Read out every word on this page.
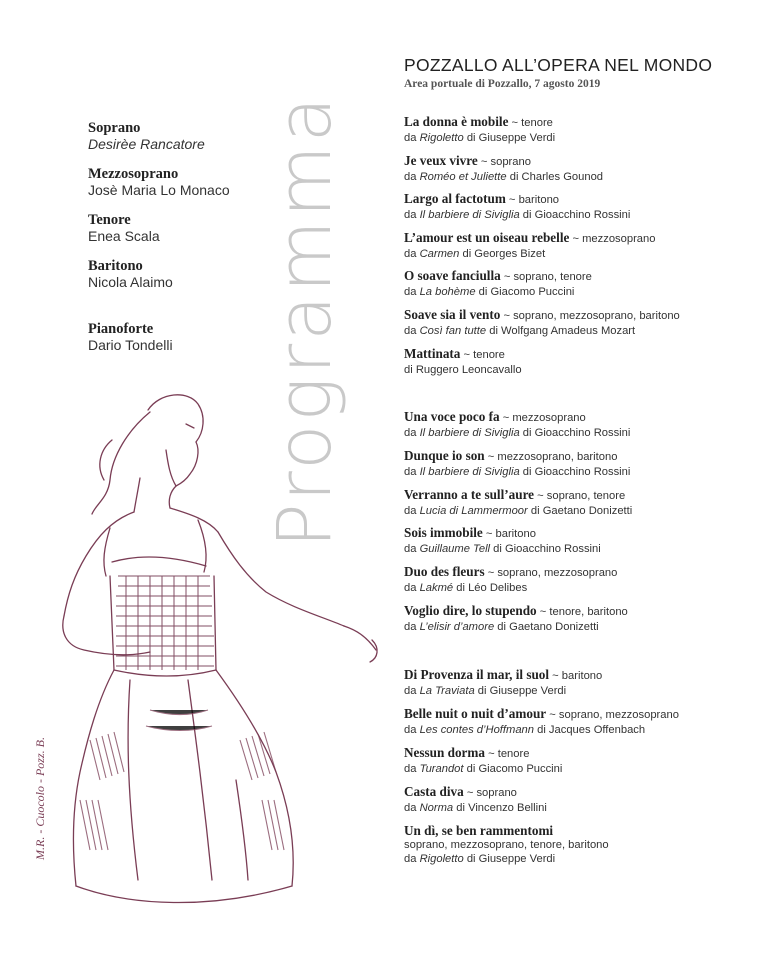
POZZALLO ALL’OPERA NEL MONDO
Area portuale di Pozzallo, 7 agosto 2019
Soprano
Desirèe Rancatore
Mezzosoprano
Josè Maria Lo Monaco
Tenore
Enea Scala
Baritono
Nicola Alaimo
Pianoforte
Dario Tondelli Programma
M.R. - Cuocolo - Pozz. B.
La donna è mobile ~ tenore
da Rigoletto di Giuseppe Verdi
Je veux vivre ~ soprano
da Roméo et Juliette di Charles Gounod
Largo al factotum ~ baritono
da Il barbiere di Siviglia di Gioacchino Rossini
L’amour est un oiseau rebelle ~ mezzosoprano
da Carmen di Georges Bizet
O soave fanciulla ~ soprano, tenore
da La bohème di Giacomo Puccini
Soave sia il vento ~ soprano, mezzosoprano, baritono
da Così fan tutte di Wolfgang Amadeus Mozart
Mattinata ~ tenore
di Ruggero Leoncavallo
Una voce poco fa ~ mezzosoprano
da Il barbiere di Siviglia di Gioacchino Rossini
Dunque io son ~ mezzosoprano, baritono
da Il barbiere di Siviglia di Gioacchino Rossini
Verranno a te sull’aure ~ soprano, tenore
da Lucia di Lammermoor di Gaetano Donizetti
Sois immobile ~ baritono
da Guillaume Tell di Gioacchino Rossini
Duo des fleurs ~ soprano, mezzosoprano
da Lakmé di Léo Delibes
Voglio dire, lo stupendo ~ tenore, baritono
da L’elisir d’amore di Gaetano Donizetti
Di Provenza il mar, il suol ~ baritono
da La Traviata di Giuseppe Verdi
Belle nuit o nuit d’amour ~ soprano, mezzosoprano
da Les contes d’Hoffmann di Jacques Offenbach
Nessun dorma ~ tenore
da Turandot di Giacomo Puccini
Casta diva ~ soprano
da Norma di Vincenzo Bellini
Un dì, se ben rammentomi
soprano, mezzosoprano, tenore, baritono
da Rigoletto di Giuseppe Verdi
